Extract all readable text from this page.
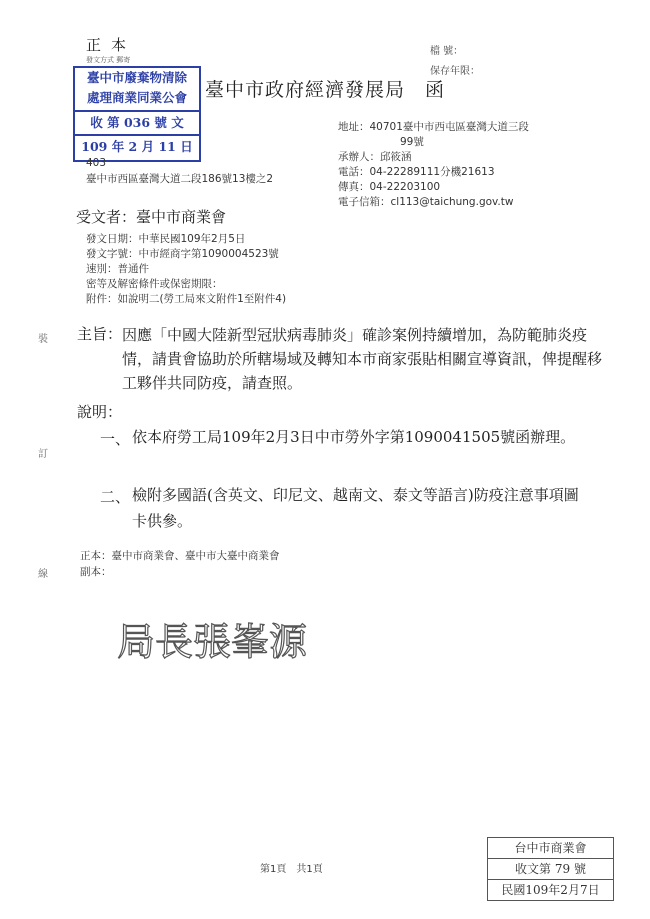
正本
發文方式 郵寄
檔 號：
保存年限：
臺中市廢棄物清除
處理商業同業公會
收 第 036 號 文
109 年 2 月 11 日
臺中市政府經濟發展局　函
地址：40701臺中市西屯區臺灣大道三段
99號
承辦人：邱筱涵
電話：04-22289111分機21613
傳真：04-22203100
電子信箱：cl113@taichung.gov.tw
403
臺中市西區臺灣大道二段186號13樓之2
受文者：臺中市商業會
發文日期：中華民國109年2月5日
發文字號：中市經商字第1090004523號
速別：普通件
密等及解密條件或保密期限：
附件：如說明二(勞工局來文附件1至附件4)
主旨： 因應「中國大陸新型冠狀病毒肺炎」確診案例持續增加，為防範肺炎疫情，請貴會協助於所轄場域及轉知本市商家張貼相關宣導資訊，俾提醒移工夥伴共同防疫，請查照。
說明：
一、 依本府勞工局109年2月3日中市勞外字第1090041505號函辦理。
二、 檢附多國語(含英文、印尼文、越南文、泰文等語言)防疫注意事項圖卡供參。
正本：臺中市商業會、臺中市大臺中商業會
副本：
裝
訂
線
局長張峯源
第1頁　共1頁
台中市商業會
收文第 79 號
民國109年2月7日
